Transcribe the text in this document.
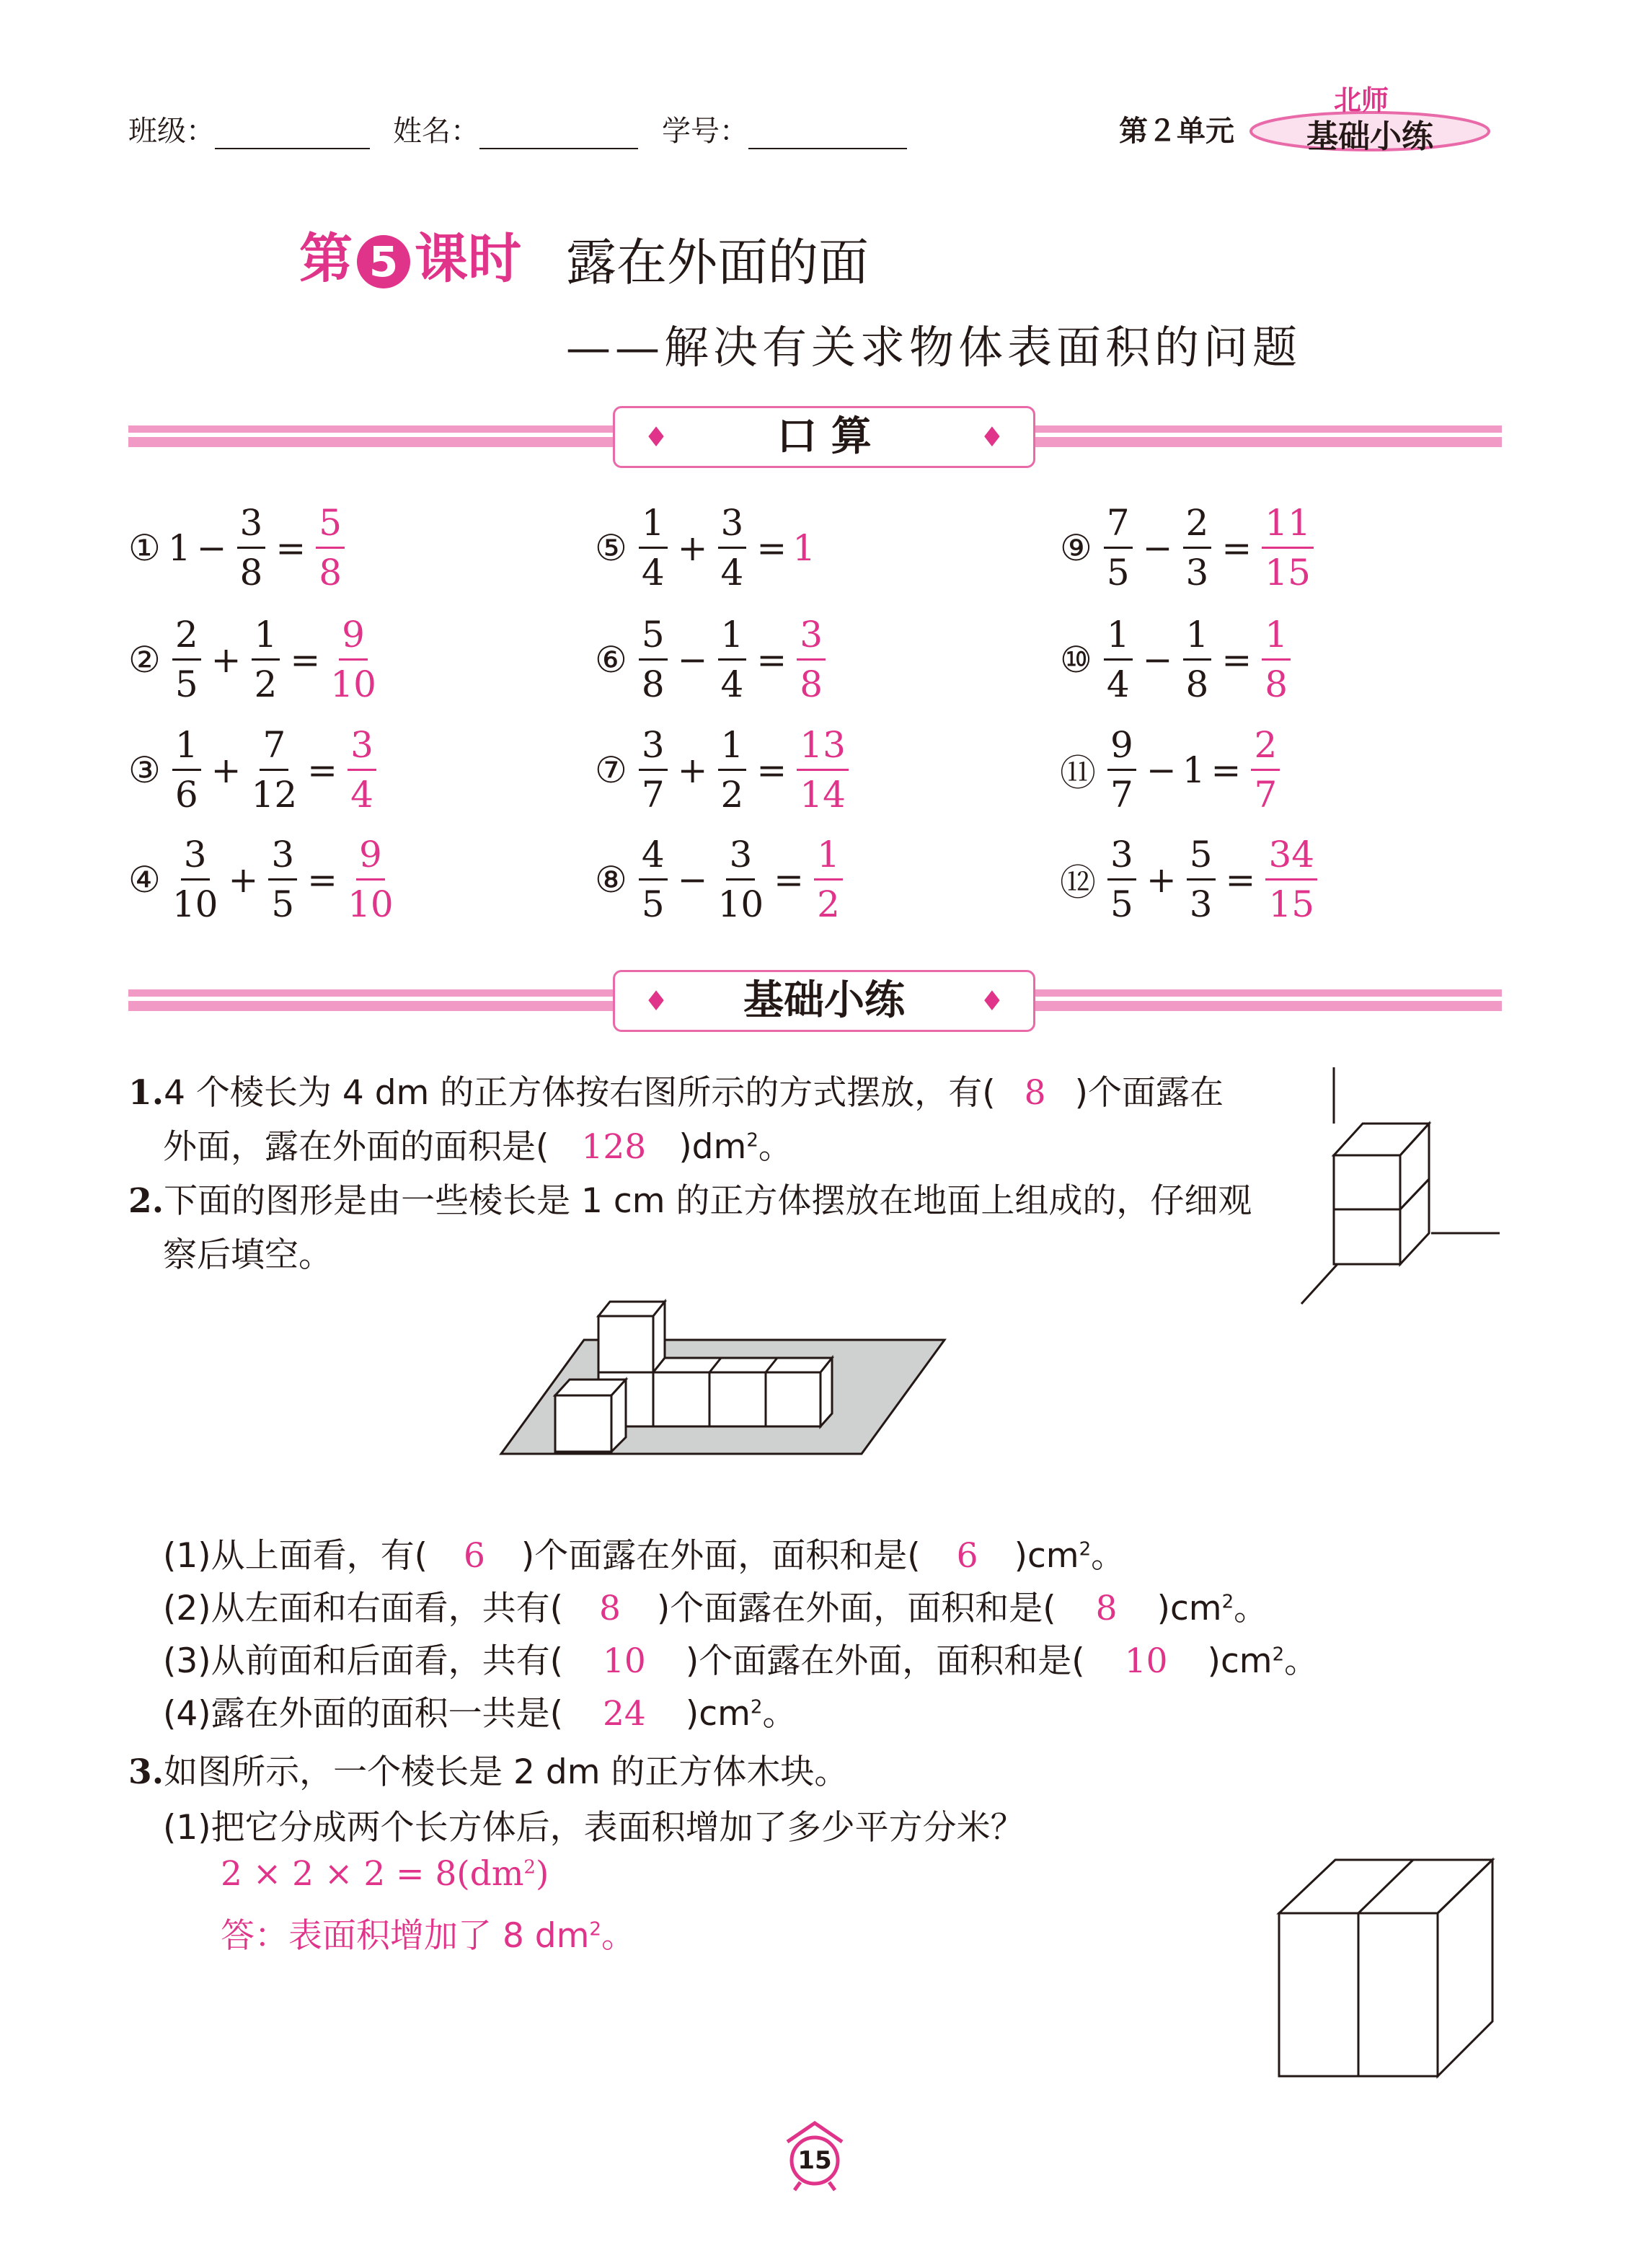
班级：	姓名：	学号：	第２单元	基础小练
北师
第 5 课时 露在外面的面
——解决有关求物体表面积的问题
♦	口 算	♦
① $1 - \frac{3}{8} = \frac{5}{8}$
② $\frac{2}{5} + \frac{1}{2} = \frac{9}{10}$
③ $\frac{1}{6} + \frac{7}{12} = \frac{3}{4}$
④ $\frac{3}{10} + \frac{3}{5} = \frac{9}{10}$
⑤ $\frac{1}{4} + \frac{3}{4} = 1$
⑥ $\frac{5}{8} - \frac{1}{4} = \frac{3}{8}$
⑦ $\frac{3}{7} + \frac{1}{2} = \frac{13}{14}$
⑧ $\frac{4}{5} - \frac{3}{10} = \frac{1}{2}$
⑨ $\frac{7}{5} - \frac{2}{3} = \frac{11}{15}$
⑩ $\frac{1}{4} - \frac{1}{8} = \frac{1}{8}$
⑪ $\frac{9}{7} - 1 = \frac{2}{7}$
⑫ $\frac{3}{5} + \frac{5}{3} = \frac{34}{15}$
♦ 基础小练	♦
1.4 个棱长为 4 dm 的正方体按右图所示的方式摆放，有( 8 )个面露在
外面，露在外面的面积是( 128 )$dm^2$。
2.下面的图形是由一些棱长是 1 cm 的正方体摆放在地面上组成的，仔细观
察后填空。
(1)从上面看，有( 6 )个面露在外面，面积和是( 6 )$cm^2$。
(2)从左面和右面看，共有( 8 )个面露在外面，面积和是( 8 )$cm^2$。
(3)从前面和后面看，共有( 10 )个面露在外面，面积和是( 10 )$cm^2$。
(4)露在外面的面积一共是( 24 )$cm^2$。
3.如图所示，一个棱长是 2 dm 的正方体木块。
(1)把它分成两个长方体后，表面积增加了多少平方分米？
$2 \times 2 \times 2 = 8(dm^2)$
答：表面积增加了 8 $dm^2$。
15
